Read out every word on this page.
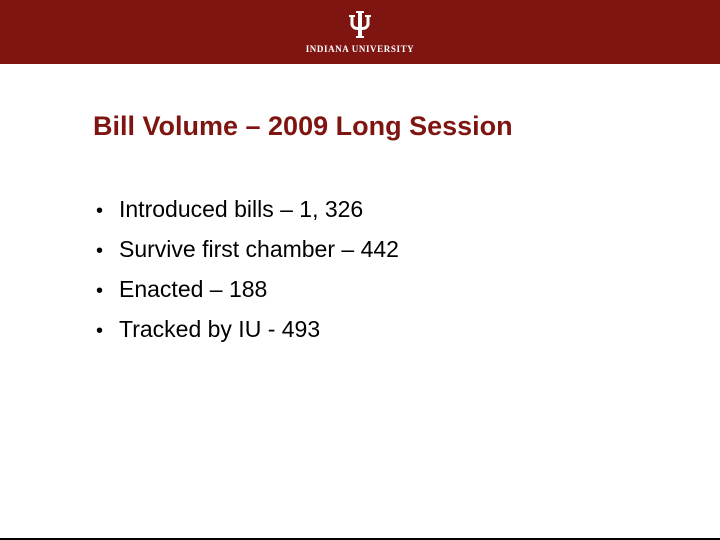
INDIANA UNIVERSITY
Bill Volume – 2009 Long Session
• Introduced bills – 1, 326
• Survive first chamber – 442
• Enacted – 188
• Tracked by IU - 493
